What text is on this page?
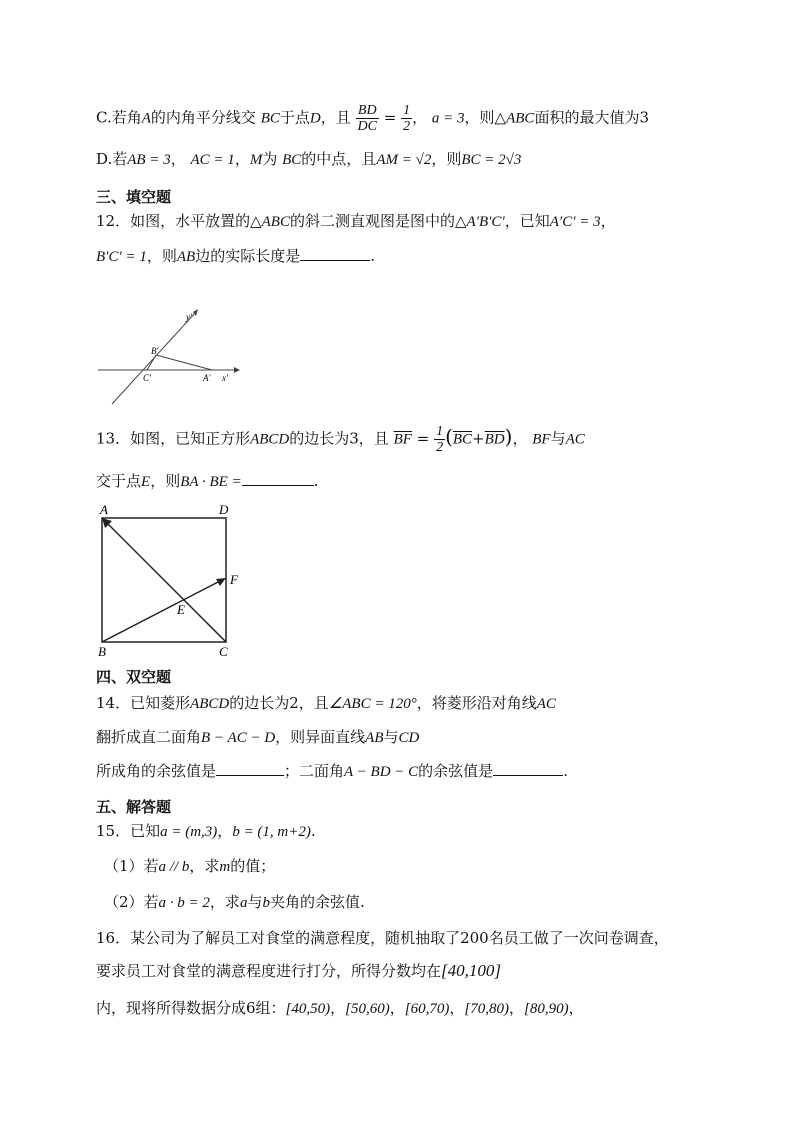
C.若角A的内角平分线交 BC于点D，且 $\frac{BD}{DC} = \frac{1}{2}$ ， a = 3，则△ABC面积的最大值为3
D.若AB = 3， AC = 1，M为 BC的中点，且AM = √2，则BC = 2√3
三、填空题
12．如图，水平放置的△ABC的斜二测直观图是图中的△A′B′C′，已知A′C′ = 3，
B′C′ = 1，则AB边的实际长度是	.
y′
B′
C′	A′ x′
13．如图，已知正方形ABCD的边长为3，且 $\overline{BF} = \frac{1}{2} (\overline{BC}+\overline{BD})$， BF与AC
交于点E，则BA · BE =	.
A	D
F
E
B	C
四、双空题
14．已知菱形ABCD的边长为2，且∠ABC = 120°，将菱形沿对角线AC
翻折成直二面角B − AC − D，则异面直线AB与CD
所成角的余弦值是	；二面角A − BD − C的余弦值是	.
五、解答题
15．已知a = (m,3)，b = (1, m+2).
（1）若a // b，求m的值；
（2）若a · b = 2，求a与b夹角的余弦值.
16．某公司为了解员工对食堂的满意程度，随机抽取了200名员工做了一次问卷调查，
要求员工对食堂的满意程度进行打分，所得分数均在[40,100]
内，现将所得数据分成6组：[40,50)，[50,60)，[60,70)，[70,80)，[80,90)，
